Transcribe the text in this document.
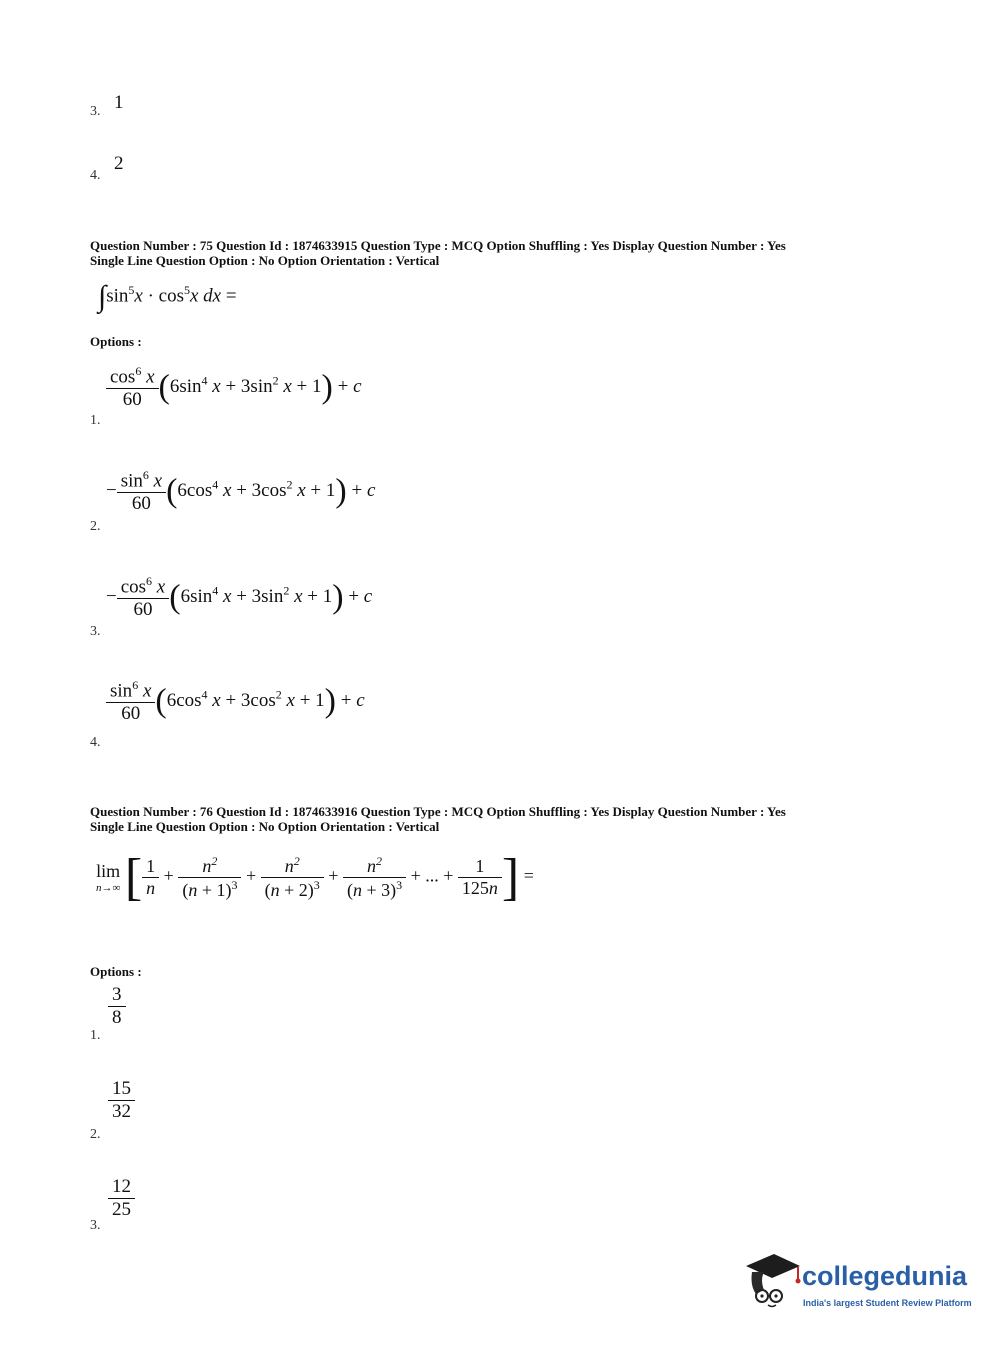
1
3.
2
4.
Question Number : 75 Question Id : 1874633915 Question Type : MCQ Option Shuffling : Yes Display Question Number : Yes
Single Line Question Option : No Option Orientation : Vertical
$\int\sin^5x \cdot \cos^5x$ dx =
Options :
$\frac{\cos^6 x}{60} (6\sin^4$ $x + 3\sin^2$ x + 1) + c
1.
− $\frac{\sin^6 x}{60} (6\cos^4$ $x + 3\cos^2$ x + 1) + c
2.
− $\frac{\cos^6 x}{60} (6\sin^4$ $x + 3\sin^2$ x + 1) + c
3.
$\frac{\sin^6 x}{60} (6\cos^4$ $x + 3\cos^2$ x + 1) + c
4.
Question Number : 76 Question Id : 1874633916 Question Type : MCQ Option Shuffling : Yes Display Question Number : Yes
Single Line Question Option : No Option Orientation : Vertical
lim
n→∞ [ $\frac{1}{n} + \frac{n^2}{(n + 1)^3} + \frac{n^2}{(n + 2)^3} + \frac{n^2}{(n + 3)^3}$ + ... + $\frac{1}{125n}$ ] =
Options :
$\frac{3}{8}$
1.
$\frac{15}{32}$
2.
$\frac{12}{25}$
3.
collegedunia
India's largest Student Review Platform
